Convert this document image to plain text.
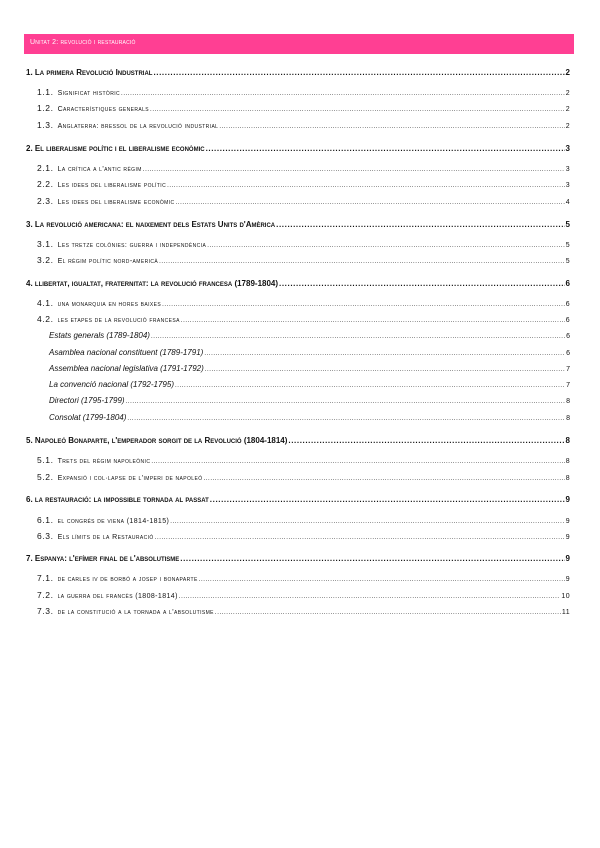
Unitat 2: revolució i restauració
1. La primera Revolució Industrial .....	2
1.1. Significat històric .....	2
1.2. Característiques generals .....	2
1.3. Anglaterra: bressol de la revolució industrial .....	2
2. El liberalisme polític i el liberalisme econòmic .....	3
2.1. La crítica a l'antic règim .....	3
2.2. Les idees del liberalisme polític .....	3
2.3. Les idees del liberalisme econòmic .....	4
3. La revolució americana: el naixement dels Estats Units d'Amèrica .....	5
3.1. Les tretze colònies: guerra i independència .....	5
3.2. El règim polític nord-americà .....	5
4. llibertat, igualtat, fraternitat: la revolució francesa (1789-1804) .....	6
4.1. una monarquia en hores baixes .....	6
4.2. les etapes de la revolució francesa .....	6
Estats generals (1789-1804) .....	6
Asamblea nacional constituent (1789-1791) .....	6
Assemblea nacional legislativa (1791-1792) .....	7
La convenció nacional (1792-1795) .....	7
Directori (1795-1799) .....	8
Consolat (1799-1804) .....	8
5. Napoleó Bonaparte, l'emperador sorgit de la Revolució (1804-1814) .....	8
5.1. Trets del règim napoleònic .....	8
5.2. Expansió i col·lapse de l'imperi de napoleó .....	8
6. la restauració: la impossible tornada al passat .....	9
6.1. el congrés de viena (1814-1815) .....	9
6.3. Els límits de la Restauració .....	9
7. Espanya: l'efímer final de l'absolutisme .....	9
7.1. de carles iv de borbó a josep i bonaparte .....	9
7.2. la guerra del francès (1808-1814) .....	10
7.3. de la constitució a la tornada a l'absolutisme .....	11
